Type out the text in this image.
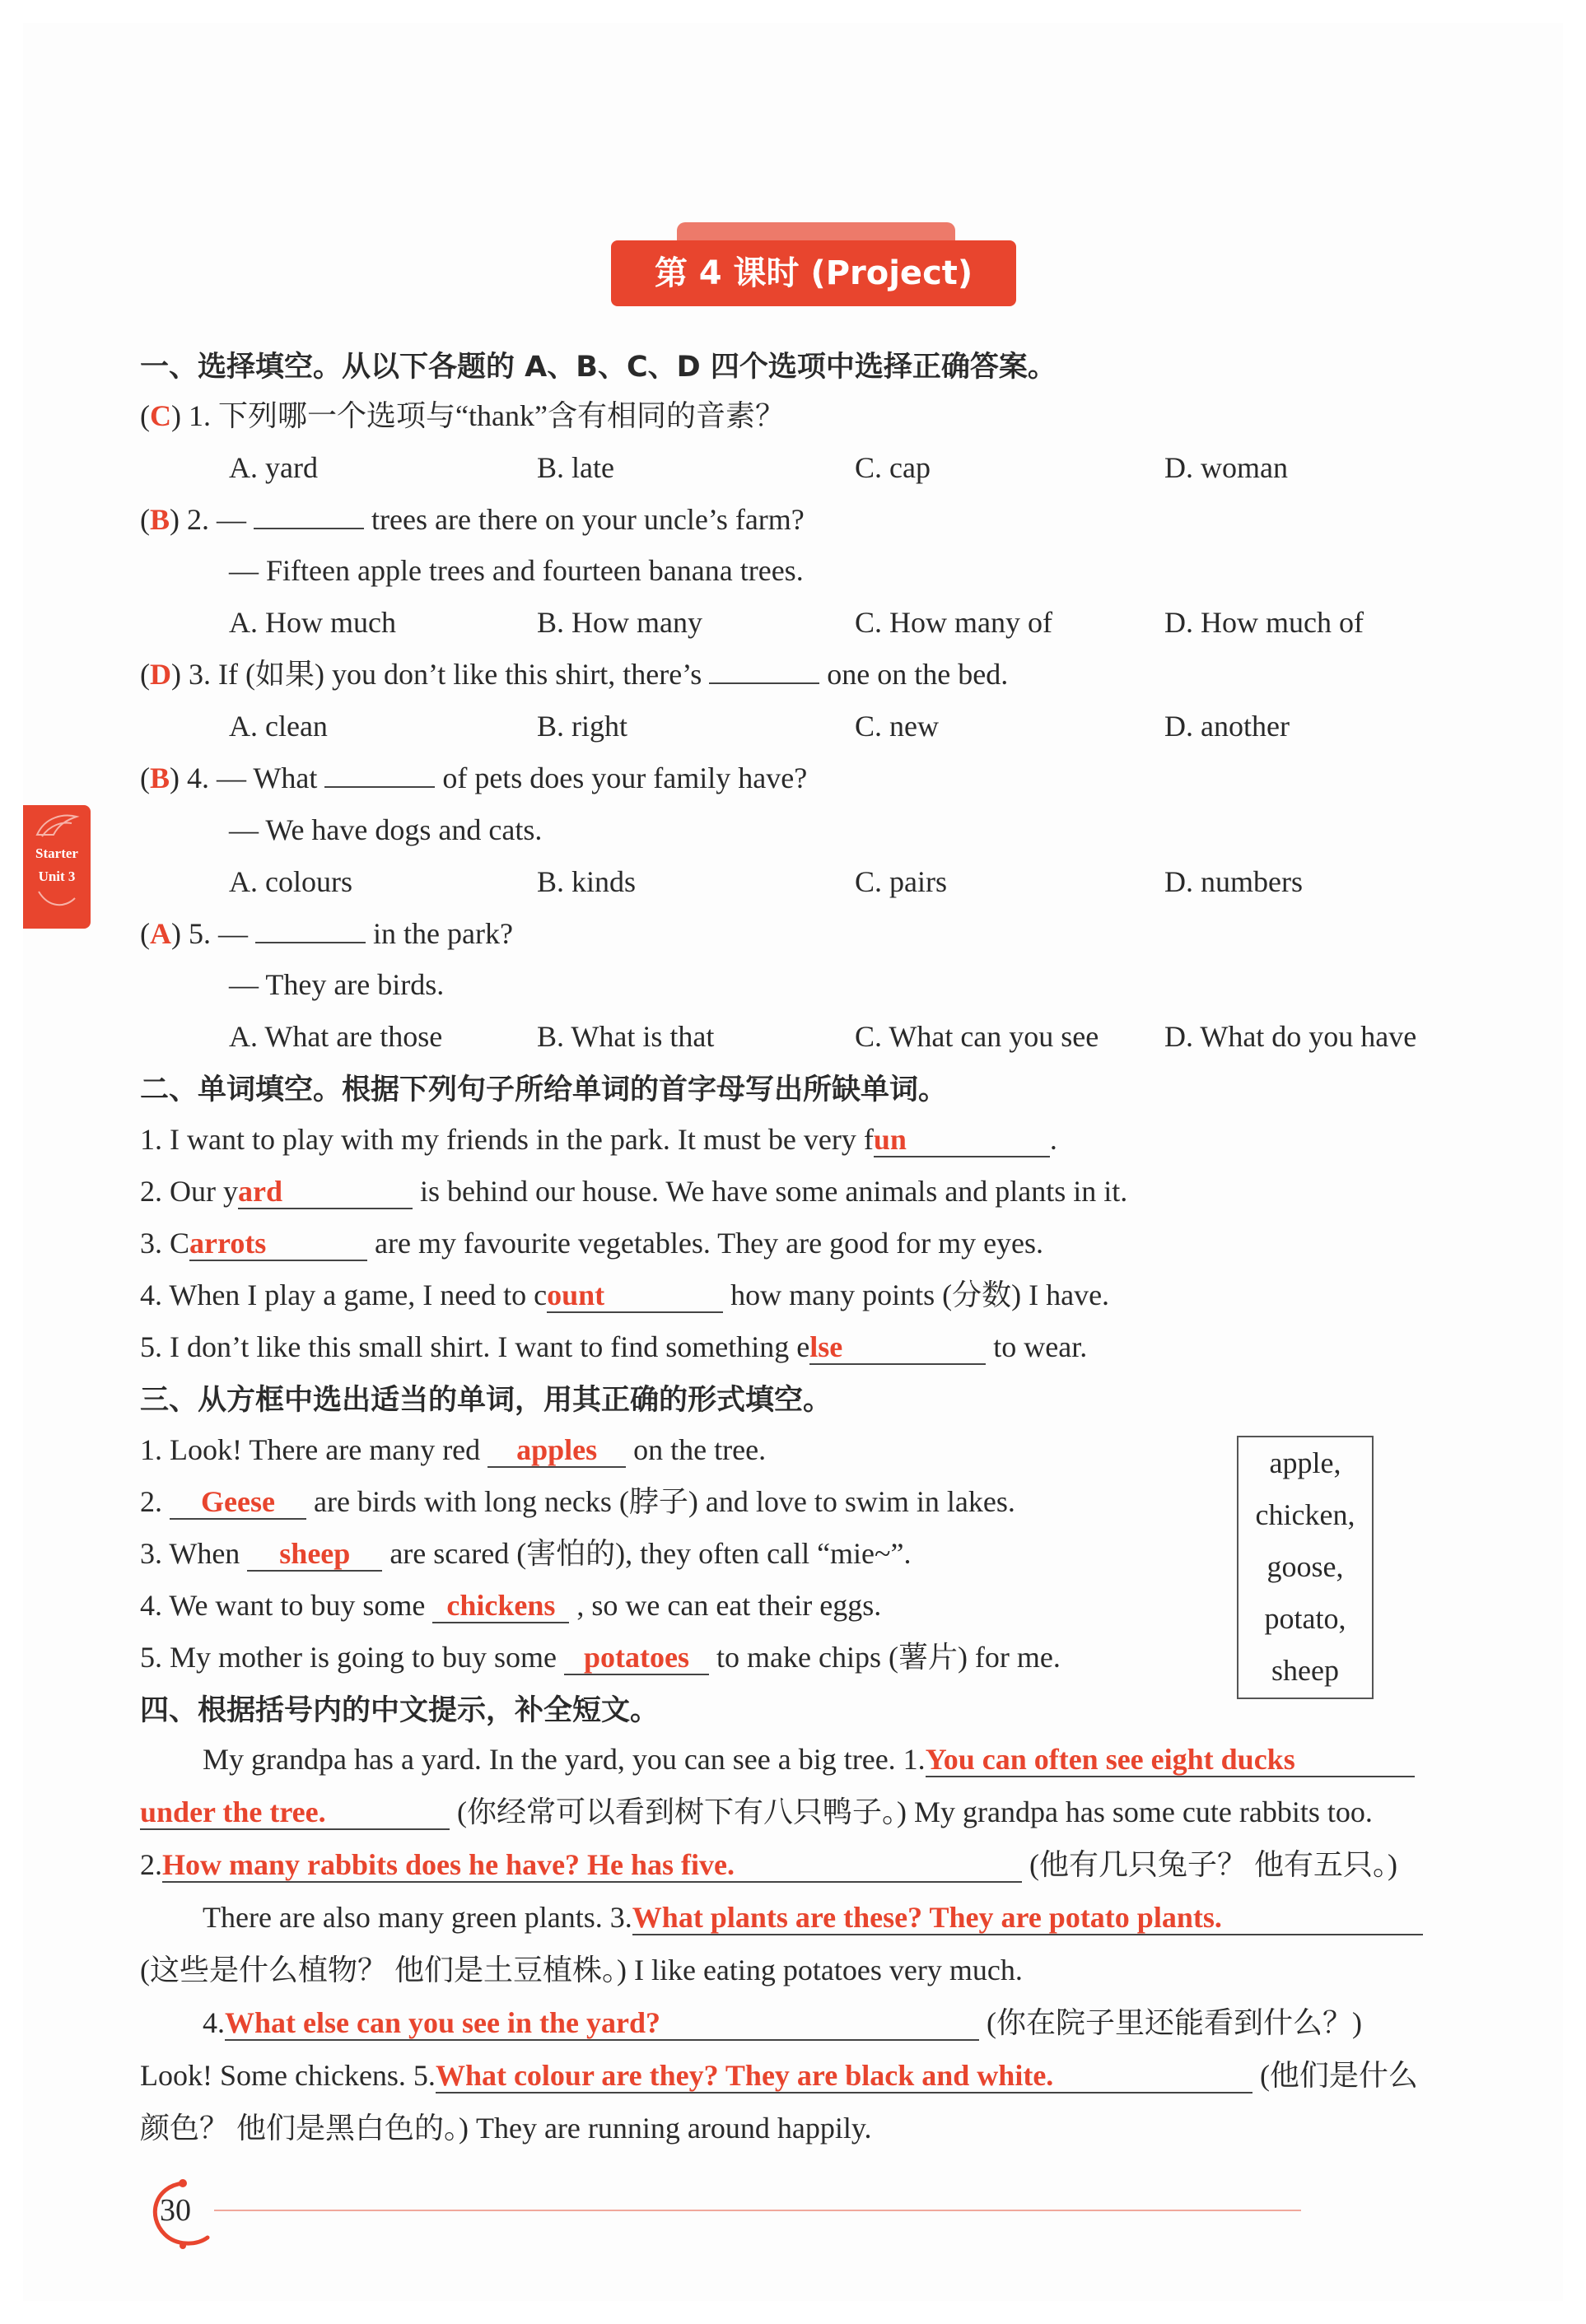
第 4 课时 (Project)
Starter
Unit 3
一、选择填空。从以下各题的 A、B、C、D 四个选项中选择正确答案。
(C) 1. 下列哪一个选项与“thank”含有相同的音素？
A. yard	B. late	C. cap	D. woman
(B) 2. —	trees are there on your uncle’s farm?
— Fifteen apple trees and fourteen banana trees.
A. How much	B. How many	C. How many of	D. How much of
(D) 3. If (如果) you don’t like this shirt, there’s	one on the bed.
A. clean	B. right	C. new	D. another
(B) 4. — What	of pets does your family have?
— We have dogs and cats.
A. colours	B. kinds	C. pairs	D. numbers
(A) 5. —	in the park?
— They are birds.
A. What are those	B. What is that	C. What can you see D. What do you have
二、单词填空。根据下列句子所给单词的首字母写出所缺单词。
1. I want to play with my friends in the park. It must be very fun	.
2. Our yard	is behind our house. We have some animals and plants in it.
3. Carrots	are my favourite vegetables. They are good for my eyes.
4. When I play a game, I need to count	how many points (分数) I have.
5. I don’t like this small shirt. I want to find something else	to wear.
三、从方框中选出适当的单词，用其正确的形式填空。
1. Look! There are many red apples on the tree.
2. Geese are birds with long necks (脖子) and love to swim in lakes.
3. When sheep are scared (害怕的), they often call “mie~”.
4. We want to buy some chickens , so we can eat their eggs.
5. My mother is going to buy some potatoes to make chips (薯片) for me.
apple,
chicken,
goose,
potato,
sheep
四、根据括号内的中文提示，补全短文。
My grandpa has a yard. In the yard, you can see a big tree. 1.You can often see eight ducks
under the tree.	(你经常可以看到树下有八只鸭子。) My grandpa has some cute rabbits too.
2.How many rabbits does he have? He has five.	(他有几只兔子？ 他有五只。)
There are also many green plants. 3.What plants are these? They are potato plants.
(这些是什么植物？ 他们是土豆植株。) I like eating potatoes very much.
4.What else can you see in the yard?	(你在院子里还能看到什么？)
Look! Some chickens. 5.What colour are they? They are black and white.	(他们是什么
颜色？ 他们是黑白色的。) They are running around happily.
30
